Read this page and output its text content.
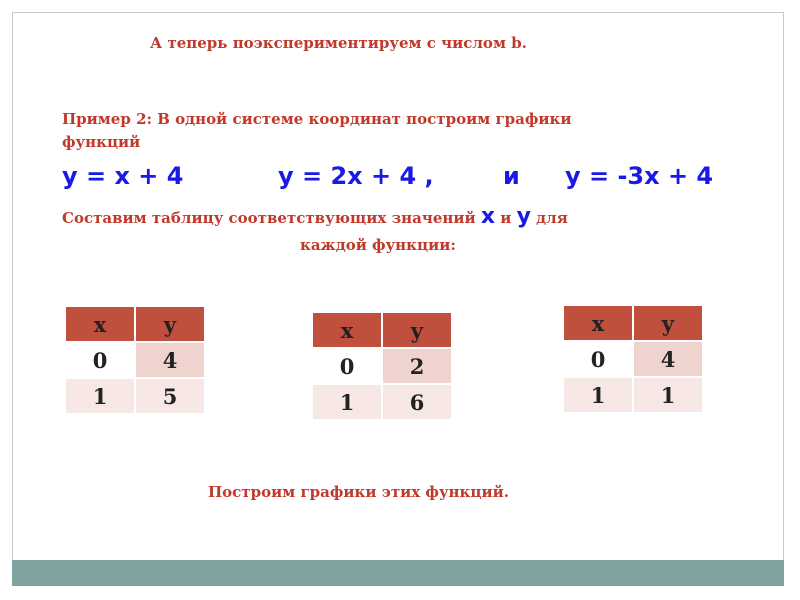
А теперь поэкспериментируем с числом b.
Пример 2: В одной системе координат построим графики
функций
у = х + 4	у = 2х + 4 ,	и у = -3х + 4
Составим таблицу соответствующих значений х и у для
каждой функции:
х	у
0	4
1	5
х	у
0	2
1	6
х	у
0	4
1	1
Построим графики этих функций.
